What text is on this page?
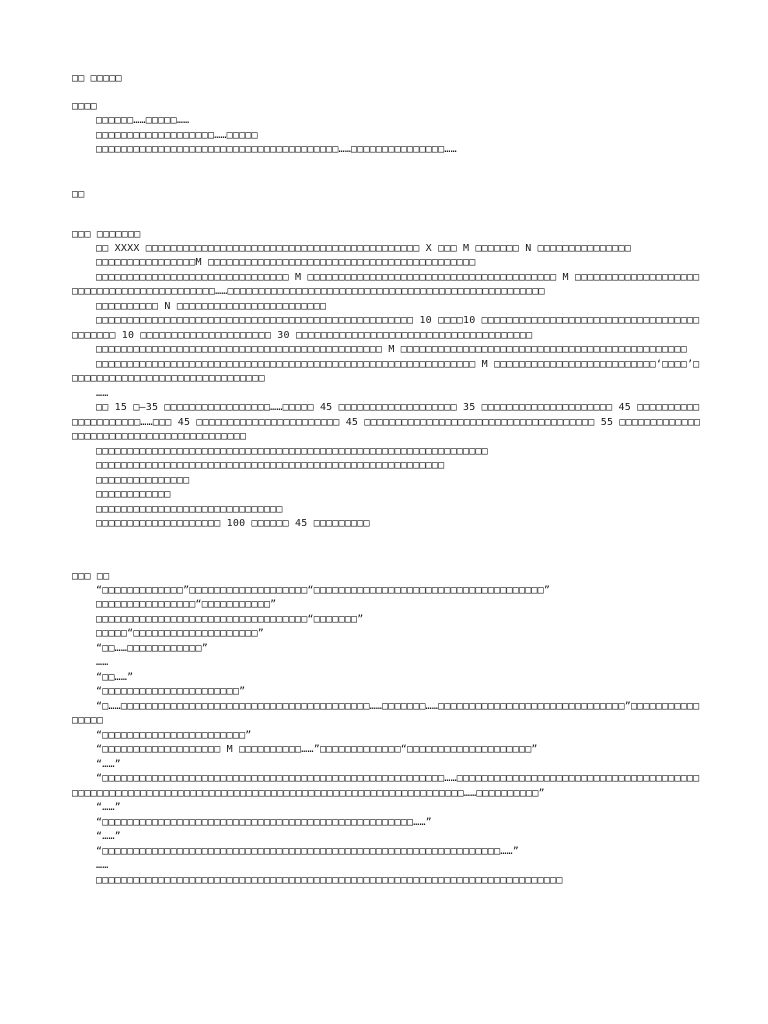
□□ □□□□□

□□□□

□□□□□□……□□□□□……

□□□□□□□□□□□□□□□□□□□……□□□□□

□□□□□□□□□□□□□□□□□□□□□□□□□□□□□□□□□□□□□□□……□□□□□□□□□□□□□□□……

□□

□□□ □□□□□□□

□□ XXXX □□□□□□□□□□□□□□□□□□□□□□□□□□□□□□□□□□□□□□□□□□□□ X □□□ M □□□□□□□ N □□□□□□□□□□□□□□□

□□□□□□□□□□□□□□□□M □□□□□□□□□□□□□□□□□□□□□□□□□□□□□□□□□□□□□□□□□□□

□□□□□□□□□□□□□□□□□□□□□□□□□□□□□□□ M □□□□□□□□□□□□□□□□□□□□□□□□□□□□□□□□□□□□□□□□ M □□□□□□□□□□□□□□□□□□□□□□□□□□□□□□□□□□□□□□□□□□□……□□□□□□□□□□□□□□□□□□□□□□□□□□□□□□□□□□□□□□□□□□□□□□□□□□□

□□□□□□□□□□ N □□□□□□□□□□□□□□□□□□□□□□□□

□□□□□□□□□□□□□□□□□□□□□□□□□□□□□□□□□□□□□□□□□□□□□□□□□□□ 10 □□□□10 □□□□□□□□□□□□□□□□□□□□□□□□□□□□□□□□□□□□□□□□□□ 10 □□□□□□□□□□□□□□□□□□□□□ 30 □□□□□□□□□□□□□□□□□□□□□□□□□□□□□□□□□□□□□□

□□□□□□□□□□□□□□□□□□□□□□□□□□□□□□□□□□□□□□□□□□□□□□ M □□□□□□□□□□□□□□□□□□□□□□□□□□□□□□□□□□□□□□□□□□□□□□

□□□□□□□□□□□□□□□□□□□□□□□□□□□□□□□□□□□□□□□□□□□□□□□□□□□□□□□□□□□□□ M □□□□□□□□□□□□□□□□□□□□□□□□□□‘□□□□’□□□□□□□□□□□□□□□□□□□□□□□□□□□□□□□□

……

□□ 15 □—35 □□□□□□□□□□□□□□□□□……□□□□□ 45 □□□□□□□□□□□□□□□□□□□ 35 □□□□□□□□□□□□□□□□□□□□□ 45 □□□□□□□□□□□□□□□□□□□□□……□□□ 45 □□□□□□□□□□□□□□□□□□□□□□□ 45 □□□□□□□□□□□□□□□□□□□□□□□□□□□□□□□□□□□□□ 55 □□□□□□□□□□□□□□□□□□□□□□□□□□□□□□□□□□□□□□□□□

□□□□□□□□□□□□□□□□□□□□□□□□□□□□□□□□□□□□□□□□□□□□□□□□□□□□□□□□□□□□□□□

□□□□□□□□□□□□□□□□□□□□□□□□□□□□□□□□□□□□□□□□□□□□□□□□□□□□□□□□

□□□□□□□□□□□□□□□

□□□□□□□□□□□□

□□□□□□□□□□□□□□□□□□□□□□□□□□□□□□

□□□□□□□□□□□□□□□□□□□□ 100 □□□□□□ 45 □□□□□□□□□

□□□ □□

“□□□□□□□□□□□□□”□□□□□□□□□□□□□□□□□□□“□□□□□□□□□□□□□□□□□□□□□□□□□□□□□□□□□□□□□”

□□□□□□□□□□□□□□□□“□□□□□□□□□□□”

□□□□□□□□□□□□□□□□□□□□□□□□□□□□□□□□□□“□□□□□□□”

□□□□□“□□□□□□□□□□□□□□□□□□□□”

“□□……□□□□□□□□□□□□”

……

“□□……”

“□□□□□□□□□□□□□□□□□□□□□□”

“□……□□□□□□□□□□□□□□□□□□□□□□□□□□□□□□□□□□□□□□□□……□□□□□□□……□□□□□□□□□□□□□□□□□□□□□□□□□□□□□□”□□□□□□□□□□□□□□□□

“□□□□□□□□□□□□□□□□□□□□□□□”

“□□□□□□□□□□□□□□□□□□□ M □□□□□□□□□□……”□□□□□□□□□□□□□“□□□□□□□□□□□□□□□□□□□□”

“……”

“□□□□□□□□□□□□□□□□□□□□□□□□□□□□□□□□□□□□□□□□□□□□□□□□□□□□□□□……□□□□□□□□□□□□□□□□□□□□□□□□□□□□□□□□□□□□□□□□□□□□□□□□□□□□□□□□□□□□□□□□□□□□□□□□□□□□□□□□□□□□□□□□□□□□□□□□□□□□□□……□□□□□□□□□□”

“……”

“□□□□□□□□□□□□□□□□□□□□□□□□□□□□□□□□□□□□□□□□□□□□□□□□□□……”

“……”

“□□□□□□□□□□□□□□□□□□□□□□□□□□□□□□□□□□□□□□□□□□□□□□□□□□□□□□□□□□□□□□□□……”

……

□□□□□□□□□□□□□□□□□□□□□□□□□□□□□□□□□□□□□□□□□□□□□□□□□□□□□□□□□□□□□□□□□□□□□□□□□□□
